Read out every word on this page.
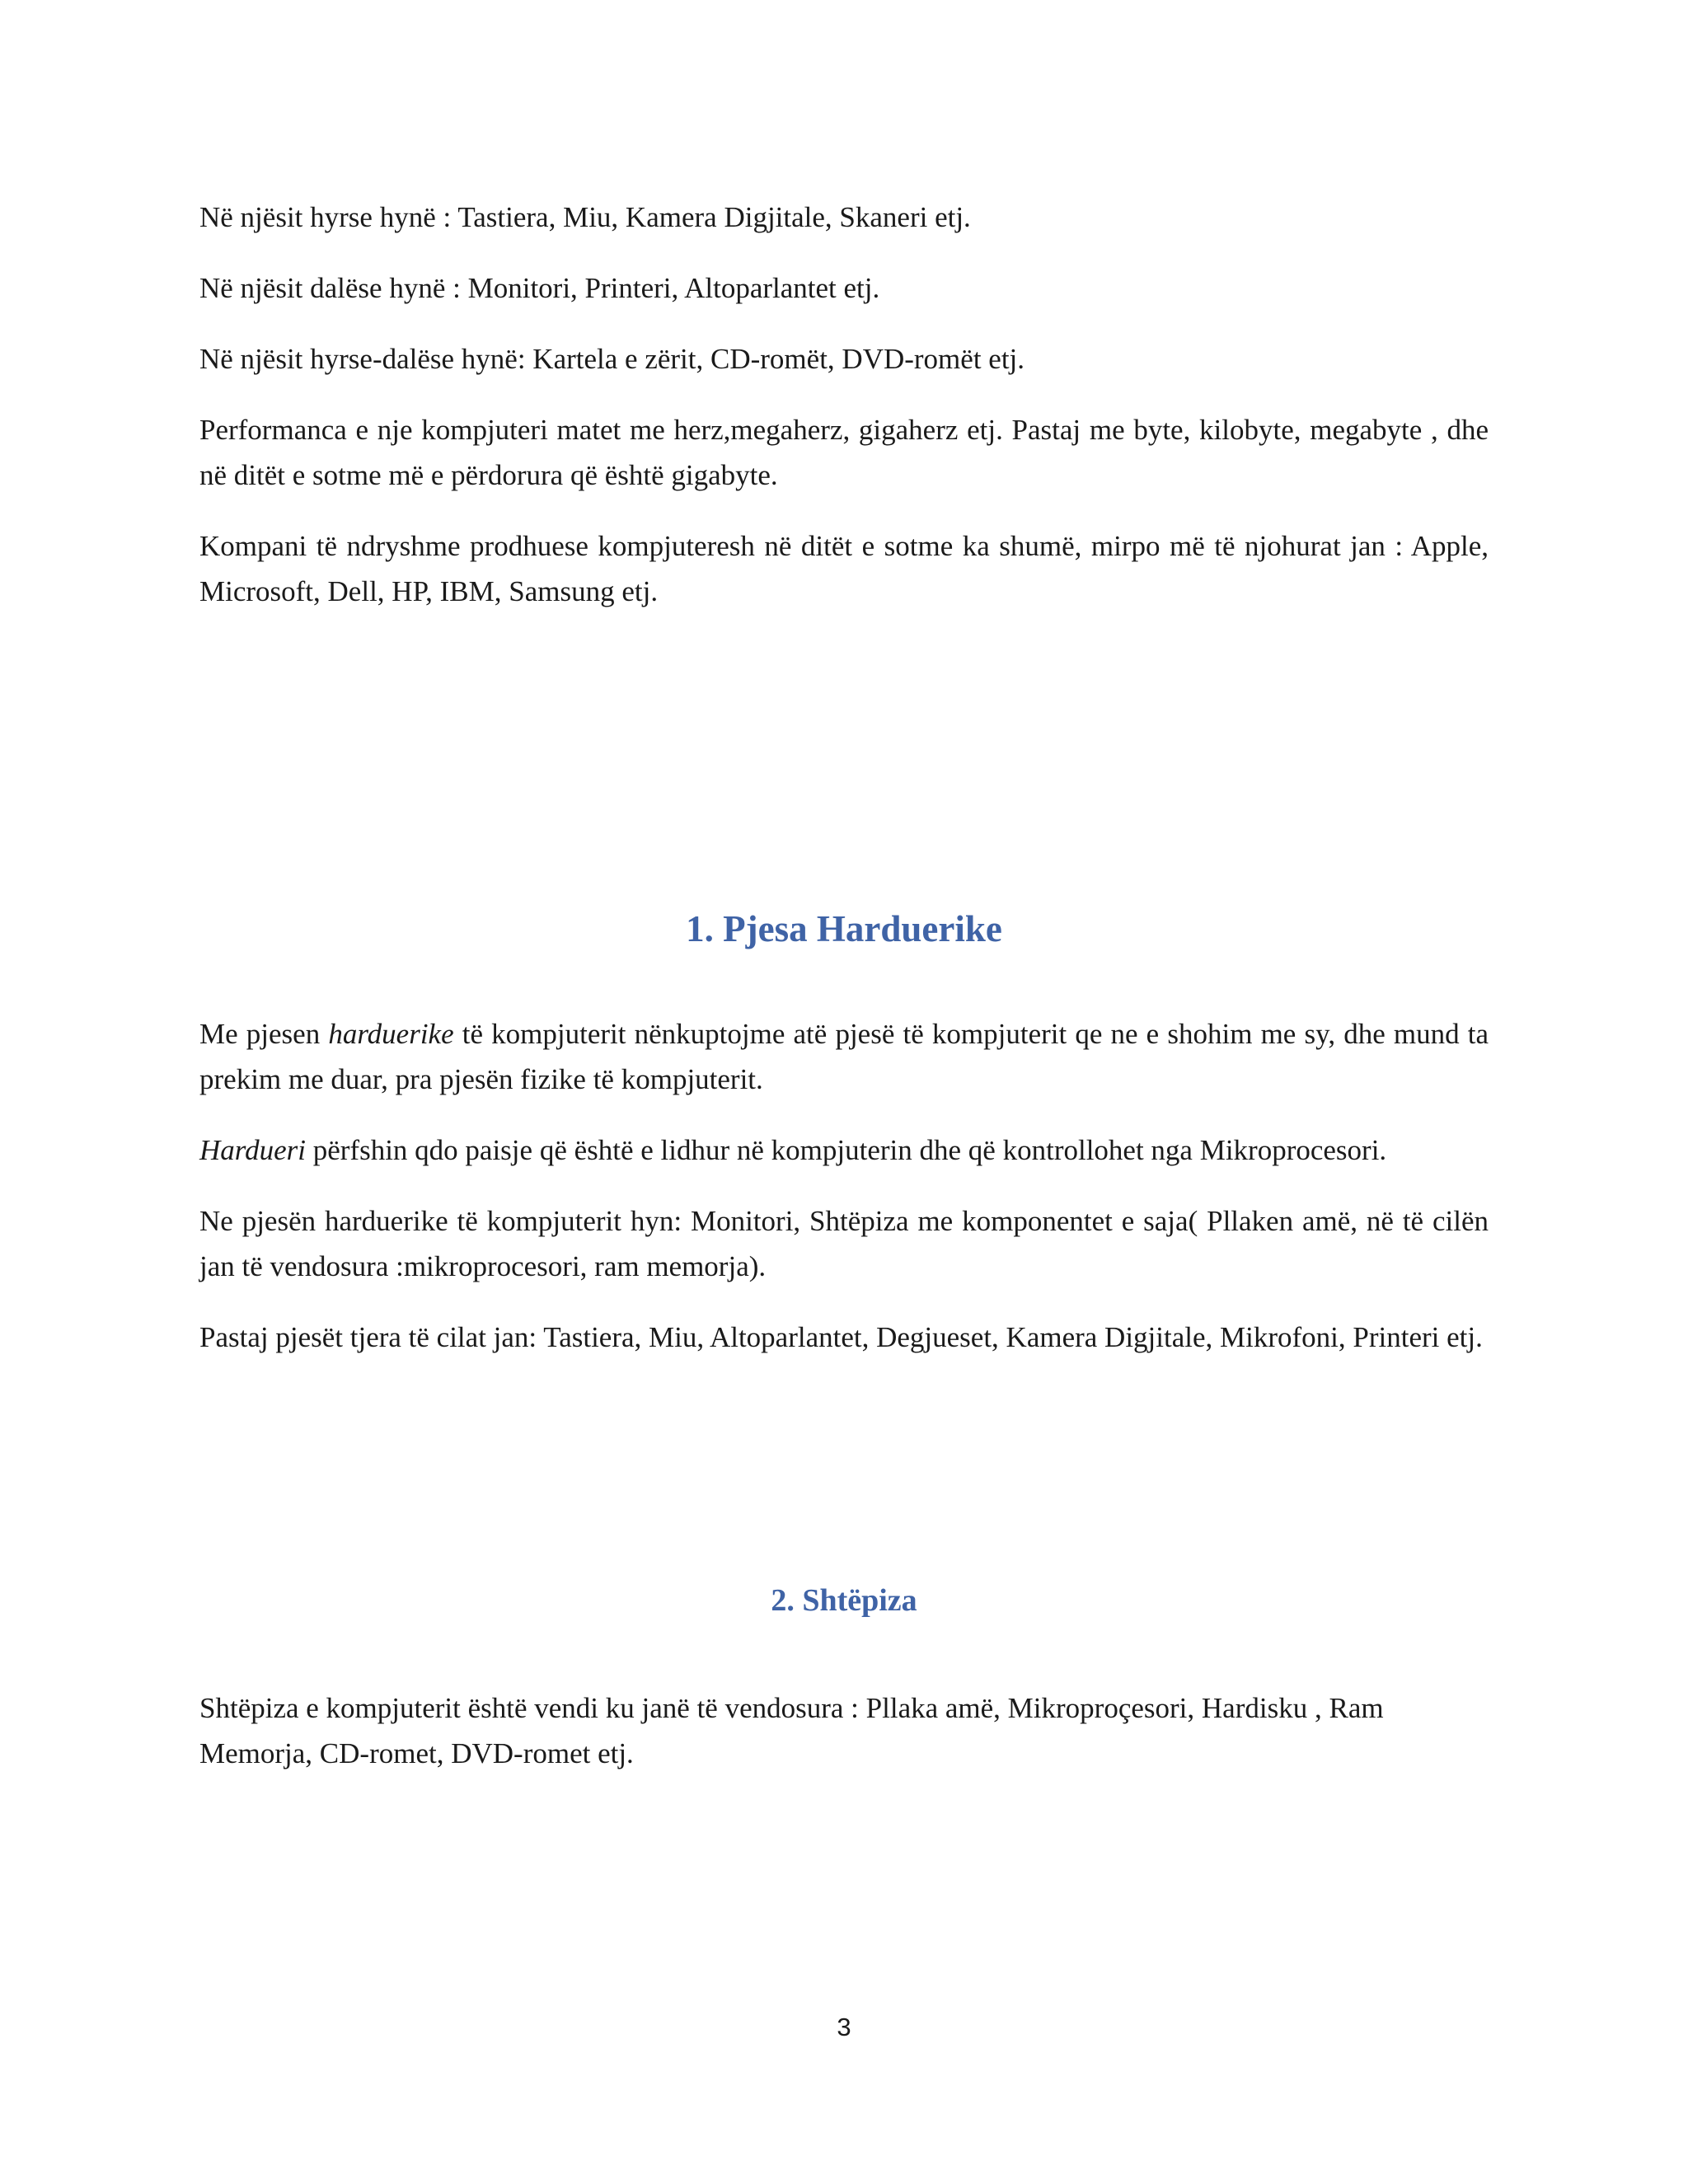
Në njësit hyrse hynë : Tastiera, Miu, Kamera Digjitale, Skaneri etj.

Në njësit dalëse hynë : Monitori, Printeri, Altoparlantet etj.

Në njësit hyrse-dalëse hynë: Kartela e zërit, CD-romët, DVD-romët etj.

Performanca e nje kompjuteri matet me herz,megaherz, gigaherz etj. Pastaj me byte, kilobyte, megabyte , dhe në ditët e sotme më e përdorura që është gigabyte.

Kompani të ndryshme prodhuese kompjuteresh në ditët e sotme ka shumë, mirpo më të njohurat jan : Apple, Microsoft, Dell, HP, IBM, Samsung etj.

1. Pjesa Harduerike

Me pjesen harduerike të kompjuterit nënkuptojme atë pjesë të kompjuterit qe ne e shohim me sy, dhe mund ta prekim me duar, pra pjesën fizike të kompjuterit.

Hardueri përfshin qdo paisje që është e lidhur në kompjuterin dhe që kontrollohet nga Mikroprocesori.

Ne pjesën harduerike të kompjuterit hyn: Monitori, Shtëpiza me komponentet e saja( Pllaken amë, në të cilën jan të vendosura :mikroprocesori, ram memorja).

Pastaj pjesët tjera të cilat jan: Tastiera, Miu, Altoparlantet, Degjueset, Kamera Digjitale, Mikrofoni, Printeri etj.

2. Shtëpiza

Shtëpiza e kompjuterit është vendi ku janë të vendosura : Pllaka amë, Mikroproçesori, Hardisku , Ram Memorja, CD-romet, DVD-romet etj.

3
